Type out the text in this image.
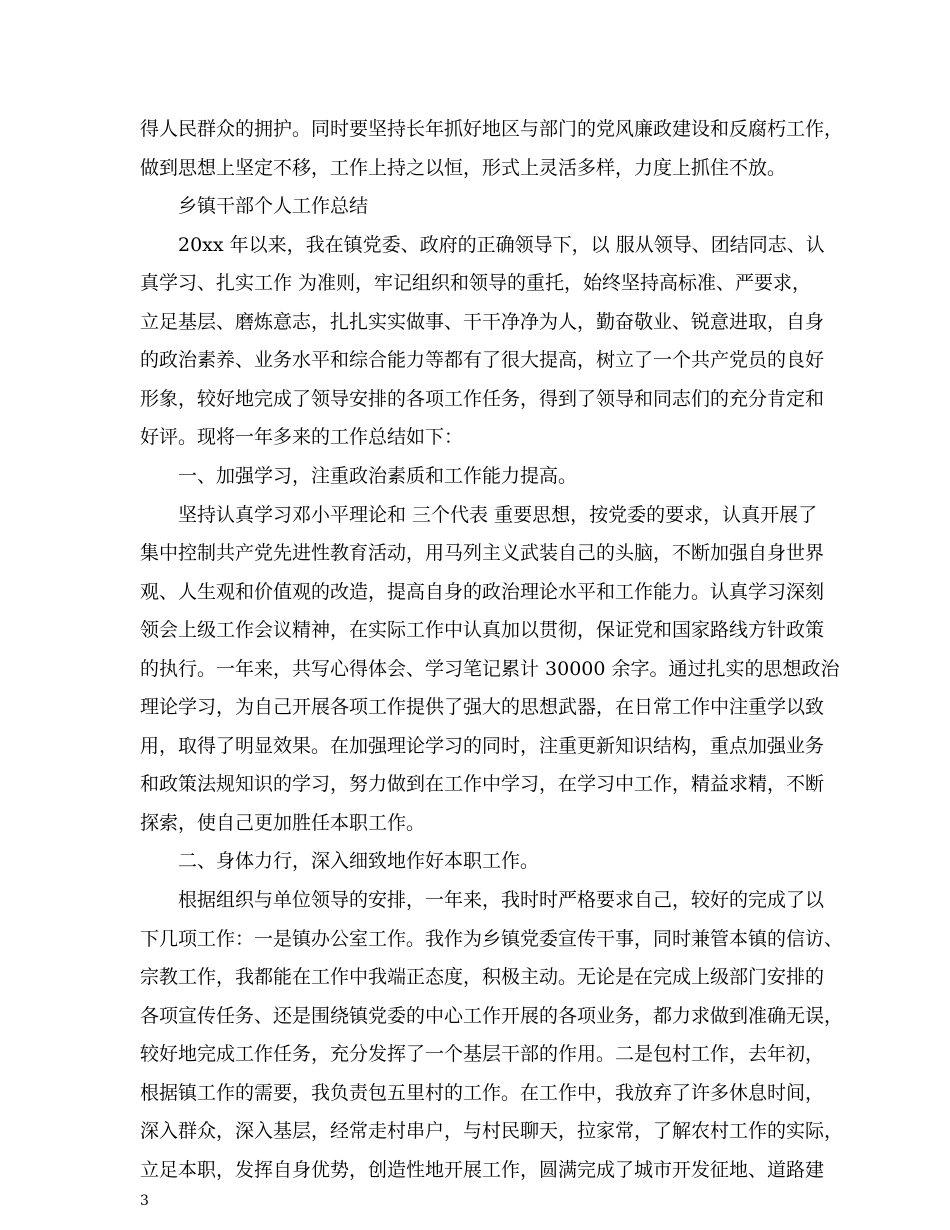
得人民群众的拥护。同时要坚持长年抓好地区与部门的党风廉政建设和反腐朽工作，
做到思想上坚定不移，工作上持之以恒，形式上灵活多样，力度上抓住不放。
乡镇干部个人工作总结
20xx 年以来，我在镇党委、政府的正确领导下，以 服从领导、团结同志、认
真学习、扎实工作 为准则，牢记组织和领导的重托，始终坚持高标准、严要求，
立足基层、磨炼意志，扎扎实实做事、干干净净为人，勤奋敬业、锐意进取，自身
的政治素养、业务水平和综合能力等都有了很大提高，树立了一个共产党员的良好
形象，较好地完成了领导安排的各项工作任务，得到了领导和同志们的充分肯定和
好评。现将一年多来的工作总结如下：
一、加强学习，注重政治素质和工作能力提高。
坚持认真学习邓小平理论和 三个代表 重要思想，按党委的要求，认真开展了
集中控制共产党先进性教育活动，用马列主义武装自己的头脑，不断加强自身世界
观、人生观和价值观的改造，提高自身的政治理论水平和工作能力。认真学习深刻
领会上级工作会议精神，在实际工作中认真加以贯彻，保证党和国家路线方针政策
的执行。一年来，共写心得体会、学习笔记累计 30000 余字。通过扎实的思想政治
理论学习，为自己开展各项工作提供了强大的思想武器，在日常工作中注重学以致
用，取得了明显效果。在加强理论学习的同时，注重更新知识结构，重点加强业务
和政策法规知识的学习，努力做到在工作中学习，在学习中工作，精益求精，不断
探索，使自己更加胜任本职工作。
二、身体力行，深入细致地作好本职工作。
根据组织与单位领导的安排，一年来，我时时严格要求自己，较好的完成了以
下几项工作：一是镇办公室工作。我作为乡镇党委宣传干事，同时兼管本镇的信访、
宗教工作，我都能在工作中我端正态度，积极主动。无论是在完成上级部门安排的
各项宣传任务、还是围绕镇党委的中心工作开展的各项业务，都力求做到准确无误，
较好地完成工作任务，充分发挥了一个基层干部的作用。二是包村工作，去年初，
根据镇工作的需要，我负责包五里村的工作。在工作中，我放弃了许多休息时间，
深入群众，深入基层，经常走村串户，与村民聊天，拉家常，了解农村工作的实际，
立足本职，发挥自身优势，创造性地开展工作，圆满完成了城市开发征地、道路建
3
